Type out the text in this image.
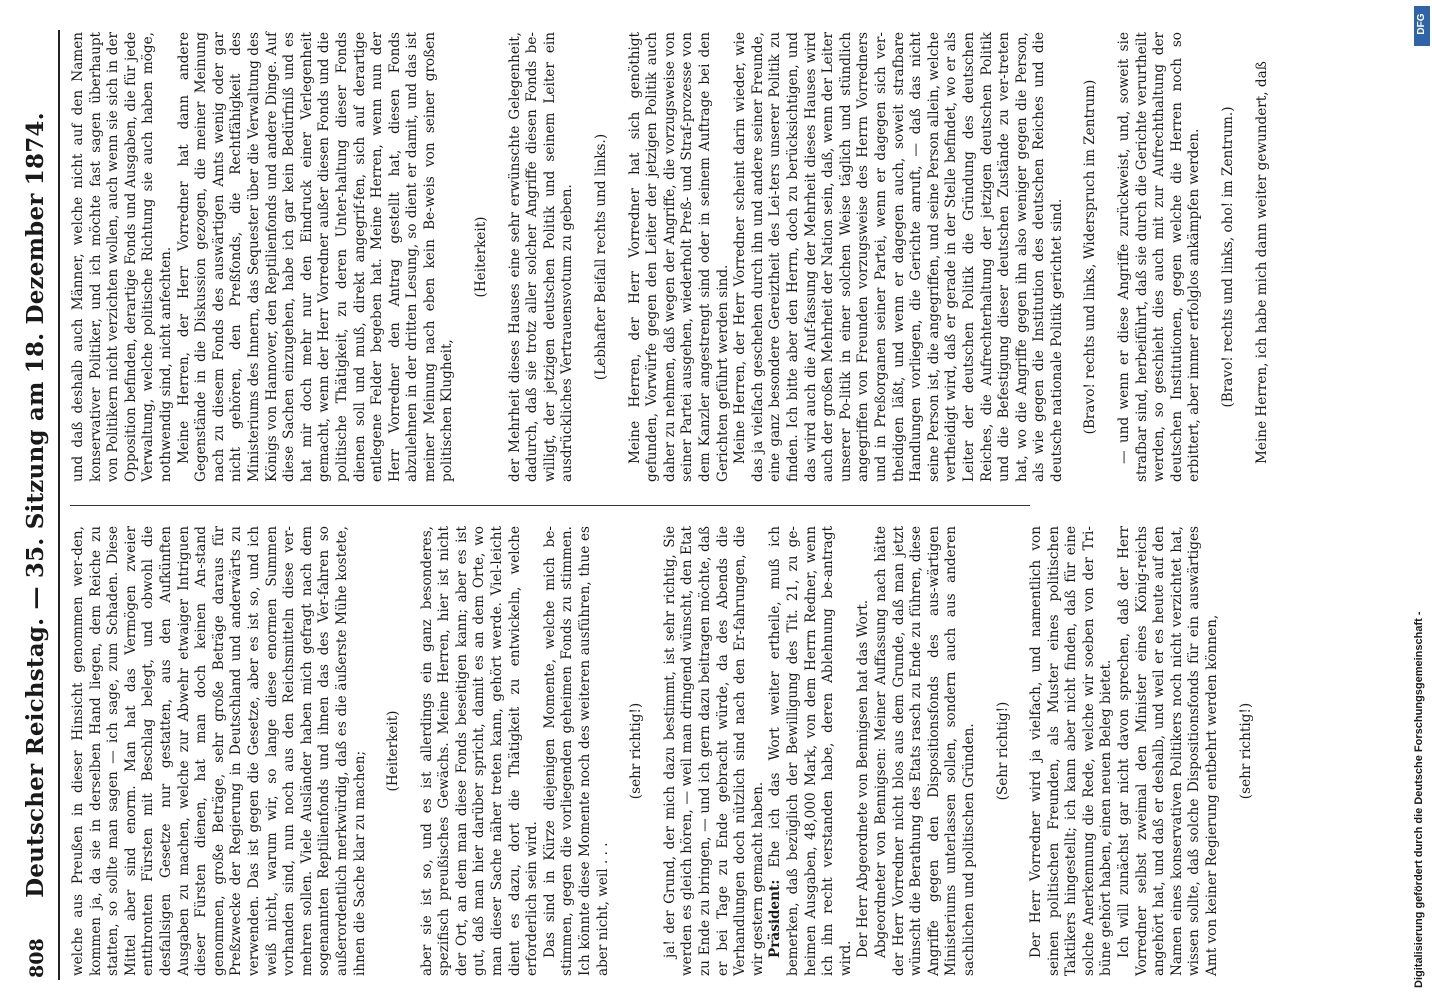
808
Deutscher Reichstag. — 35. Sitzung am 18. Dezember 1874. welche aus Preußen in dieser Hinsicht genommen wer-den, kommen ja, da sie in derselben Hand liegen, dem Reiche zu statten, so sollte man sagen — ich sage, zum Schaden. Diese Mittel aber sind enorm. Man hat das Vermögen zweier entthronten Fürsten mit Beschlag belegt, und obwohl die desfallsigen Gesetze nur gestatten, aus den Aufkünften Ausgaben zu machen, welche zur Abwehr etwaiger Intriguen dieser Fürsten dienen, hat man doch keinen An-stand genommen, große Beträge, sehr große Beträge daraus für Preßzwecke der Regierung in Deutschland und anderwärts zu verwenden. Das ist gegen die Gesetze, aber es ist so, und ich weiß nicht, warum wir, so lange diese enormen Summen vorhanden sind, nun noch aus den Reichsmitteln diese ver-mehren sollen. Viele Ausländer haben mich gefragt nach dem sogenannten Reptilienfonds und ihnen das des Ver-fahren so außerordentlich merkwürdig, daß es die äußerste Mühe kostete, ihnen die Sache klar zu machen; (Heiterkeit) aber sie ist so, und es ist allerdings ein ganz besonderes, spezifisch preußisches Gewächs. Meine Herren, hier ist nicht der Ort, an dem man diese Fonds beseitigen kann; aber es ist gut, daß man hier darüber spricht, damit es an dem Orte, wo man dieser Sache näher treten kann, gehört werde. Viel-leicht dient es dazu, dort die Thätigkeit zu entwickeln, welche erforderlich sein wird. Das sind in Kürze diejenigen Momente, welche mich be-stimmen, gegen die vorliegenden geheimen Fonds zu stimmen. Ich könnte diese Momente noch des weiteren ausführen, thue es aber nicht, weil . . .

(sehr richtig!) ja! der Grund, der mich dazu bestimmt, ist sehr richtig, Sie werden es gleich hören, — weil man dringend wünscht, den Etat zu Ende zu bringen, — und ich gern dazu beitragen möchte, daß er bei Tage zu Ende gebracht würde, da des Abends die Verhandlungen doch nützlich sind nach den Er-fahrungen, die wir gestern gemacht haben. Präsident: Ehe ich das Wort weiter ertheile, muß ich bemerken, daß bezüglich der Bewilligung des Tit. 21, zu ge-heimen Ausgaben, 48,000 Mark, von dem Herrn Redner, wenn ich ihn recht verstanden habe, deren Ablehnung be-antragt wird.

Der Herr Abgeordnete von Bennigsen hat das Wort. Abgeordneter von Bennigsen: Meiner Auffassung nach hätte der Herr Vorredner nicht blos aus dem Grunde, daß man jetzt wünscht die Berathung des Etats rasch zu Ende zu führen, diese Angriffe gegen den Dispositionsfonds des aus-wärtigen Ministeriums unterlassen sollen, sondern auch aus anderen sachlichen und politischen Gründen. (Sehr richtig!) Der Herr Vorredner wird ja vielfach, und namentlich von seinen politischen Freunden, als Muster eines politischen Taktikers hingestellt; ich kann aber nicht finden, daß für eine solche Anerkennung die Rede, welche wir soeben von der Tri-büne gehört haben, einen neuen Beleg bietet. Ich will zunächst gar nicht davon sprechen, daß der Herr Vorredner selbst zweimal den Minister eines König-reichs angehört hat, und daß er deshalb, und weil er es heute auf den Namen eines konservativen Politikers noch nicht verzichtet hat, wissen sollte, daß solche Dispositionsfonds für ein auswärtiges Amt von keiner Regierung entbehrt werden können, (sehr richtig!)

und daß deshalb auch Männer, welche nicht auf den Namen konservativer Politiker, und ich möchte fast sagen überhaupt von Politikern nicht verzichten wollen, auch wenn sie sich in der Opposition befinden, derartige Fonds und Ausgaben, die für jede Verwaltung, welche politische Richtung sie auch haben möge, nothwendig sind, nicht anfechten. Meine Herren, der Herr Vorredner hat dann andere Gegenstände in die Diskussion gezogen, die meiner Meinung nach zu diesem Fonds des auswärtigen Amts wenig oder gar nicht gehören, den Preßfonds, die Rechtfähigkeit des Ministeriums des Innern, das Sequester über die Verwaltung des Königs von Hannover, den Reptilienfonds und andere Dinge. Auf diese Sachen einzugehen, habe ich gar kein Bedürfniß und es hat mir doch mehr nur den Eindruck einer Verlegenheit gemacht, wenn der Herr Vorredner außer diesen Fonds und die politische Thätigkeit, zu deren Unter-haltung dieser Fonds dienen soll und muß, direkt angegrif-fen, sich auf derartige entlegene Felder begeben hat. Meine Herren, wenn nun der Herr Vorredner den Antrag gestellt hat, diesen Fonds abzulehnen in der dritten Lesung, so dient er damit, und das ist meiner Meinung nach eben kein Be-weis von seiner großen politischen Klugheit,

(Heiterkeit) der Mehrheit dieses Hauses eine sehr erwünschte Gelegenheit, dadurch, daß sie trotz aller solcher Angriffe diesen Fonds be-willigt, der jetzigen deutschen Politik und seinem Leiter ein ausdrückliches Vertrauensvotum zu geben. (Lebhafter Beifall rechts und links.) Meine Herren, der Herr Vorredner hat sich genöthigt gefunden, Vorwürfe gegen den Leiter der jetzigen Politik auch daher zu nehmen, daß wegen der Angriffe, die vorzugsweise von seiner Partei ausgehen, wiederholt Preß- und Straf-prozesse von dem Kanzler angestrengt sind oder in seinem Auftrage bei den Gerichten geführt werden sind. Meine Herren, der Herr Vorredner scheint darin wieder, wie das ja vielfach geschehen durch ihn und andere seiner Freunde, eine ganz besondere Gereiztheit des Lei-ters unserer Politik zu finden. Ich bitte aber den Herrn, doch zu berücksichtigen, und das wird auch die Auf-fassung der Mehrheit dieses Hauses wird auch der großen Mehrheit der Nation sein, daß, wenn der Leiter unserer Po-litik in einer solchen Weise täglich und stündlich angegriffen von Freunden vorzugsweise des Herrn Vorredners und in Preßorganen seiner Partei, wenn er dagegen sich ver-theidigen läßt, und wenn er dagegen auch, soweit strafbare Handlungen vorliegen, die Gerichte anruft, — daß das nicht seine Person ist, die angegriffen, und seine Person allein, welche vertheidigt wird, daß er gerade in der Stelle befindet, wo er als Leiter der deutschen Politik die Gründung des deutschen Reiches, die Aufrechterhaltung der jetzigen deutschen Politik und die Befestigung dieser deutschen Zustände zu ver-treten hat, wo die Angriffe gegen ihn also weniger gegen die Person, als wie gegen die Institution des deutschen Reiches und die deutsche nationale Politik gerichtet sind. (Bravo! rechts und links, Widerspruch im Zentrum) — und wenn er diese Angriffe zurückweist, und, soweit sie strafbar sind, herbeiführt, daß sie durch die Gerichte verurtheilt werden, so geschieht dies auch mit zur Aufrechthaltung der deutschen Institutionen, gegen welche die Herren noch so erbittert, aber immer erfolglos ankämpfen werden. (Bravo! rechts und links, oho! im Zentrum.) Meine Herren, ich habe mich dann weiter gewundert, daß

Digitalisierung gefördert durch die Deutsche Forschungsgemeinschaft -
DFG
